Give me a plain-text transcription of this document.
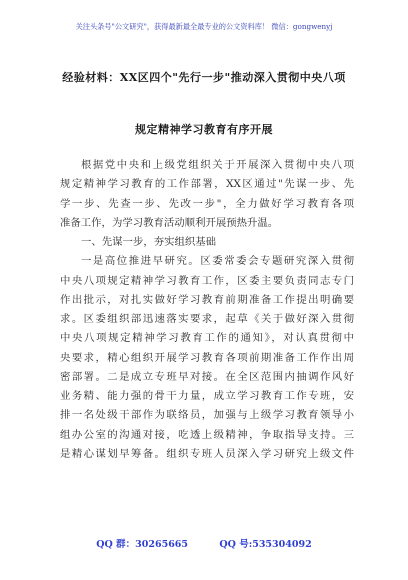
关注头条号"公文研究"，获得最新最全最专业的公文资料库！ 微信：gongwenyj
经验材料：XX区四个"先行一步"推动深入贯彻中央八项
规定精神学习教育有序开展
根据党中央和上级党组织关于开展深入贯彻中央八项
规定精神学习教育的工作部署，XX区通过"先谋一步、先
学一步、先查一步、先改一步"，全力做好学习教育各项
准备工作，为学习教育活动顺利开展预热升温。
一、先谋一步，夯实组织基础
一是高位推进早研究。区委常委会专题研究深入贯彻
中央八项规定精神学习教育工作，区委主要负责同志专门
作出批示，对扎实做好学习教育前期准备工作提出明确要
求。区委组织部迅速落实要求，起草《关于做好深入贯彻
中央八项规定精神学习教育工作的通知》，对认真贯彻中
央要求，精心组织开展学习教育各项前期准备工作作出周
密部署。二是成立专班早对接。在全区范围内抽调作风好
业务精、能力强的骨干力量，成立学习教育工作专班，安
排一名处级干部作为联络员，加强与上级学习教育领导小
组办公室的沟通对接，吃透上级精神，争取指导支持。三
是精心谋划早筹备。组织专班人员深入学习研究上级文件
QQ 群：30265665	QQ 号:535304092
